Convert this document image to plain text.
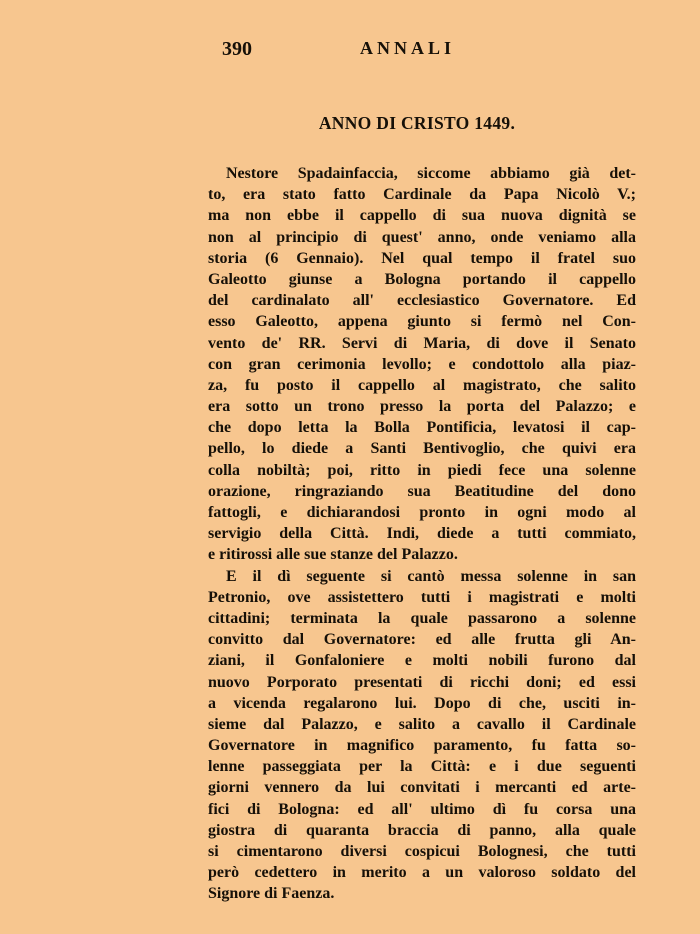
390	ANNALI
ANNO DI CRISTO 1449.
Nestore Spadainfaccia, siccome abbiamo già det-
to, era stato fatto Cardinale da Papa Nicolò V.;
ma non ebbe il cappello di sua nuova dignità se
non al principio di quest' anno, onde veniamo alla
storia (6 Gennaio). Nel qual tempo il fratel suo
Galeotto giunse a Bologna portando il cappello
del cardinalato all' ecclesiastico Governatore. Ed
esso Galeotto, appena giunto si fermò nel Con-
vento de' RR. Servi di Maria, di dove il Senato
con gran cerimonia levollo; e condottolo alla piaz-
za, fu posto il cappello al magistrato, che salito
era sotto un trono presso la porta del Palazzo; e
che dopo letta la Bolla Pontificia, levatosi il cap-
pello, lo diede a Santi Bentivoglio, che quivi era
colla nobiltà; poi, ritto in piedi fece una solenne
orazione, ringraziando sua Beatitudine del dono
fattogli, e dichiarandosi pronto in ogni modo al
servigio della Città. Indi, diede a tutti commiato,
e ritirossi alle sue stanze del Palazzo.
E il dì seguente si cantò messa solenne in san
Petronio, ove assistettero tutti i magistrati e molti
cittadini; terminata la quale passarono a solenne
convitto dal Governatore: ed alle frutta gli An-
ziani, il Gonfaloniere e molti nobili furono dal
nuovo Porporato presentati di ricchi doni; ed essi
a vicenda regalarono lui. Dopo di che, usciti in-
sieme dal Palazzo, e salito a cavallo il Cardinale
Governatore in magnifico paramento, fu fatta so-
lenne passeggiata per la Città: e i due seguenti
giorni vennero da lui convitati i mercanti ed arte-
fici di Bologna: ed all' ultimo dì fu corsa una
giostra di quaranta braccia di panno, alla quale
si cimentarono diversi cospicui Bolognesi, che tutti
però cedettero in merito a un valoroso soldato del
Signore di Faenza.
